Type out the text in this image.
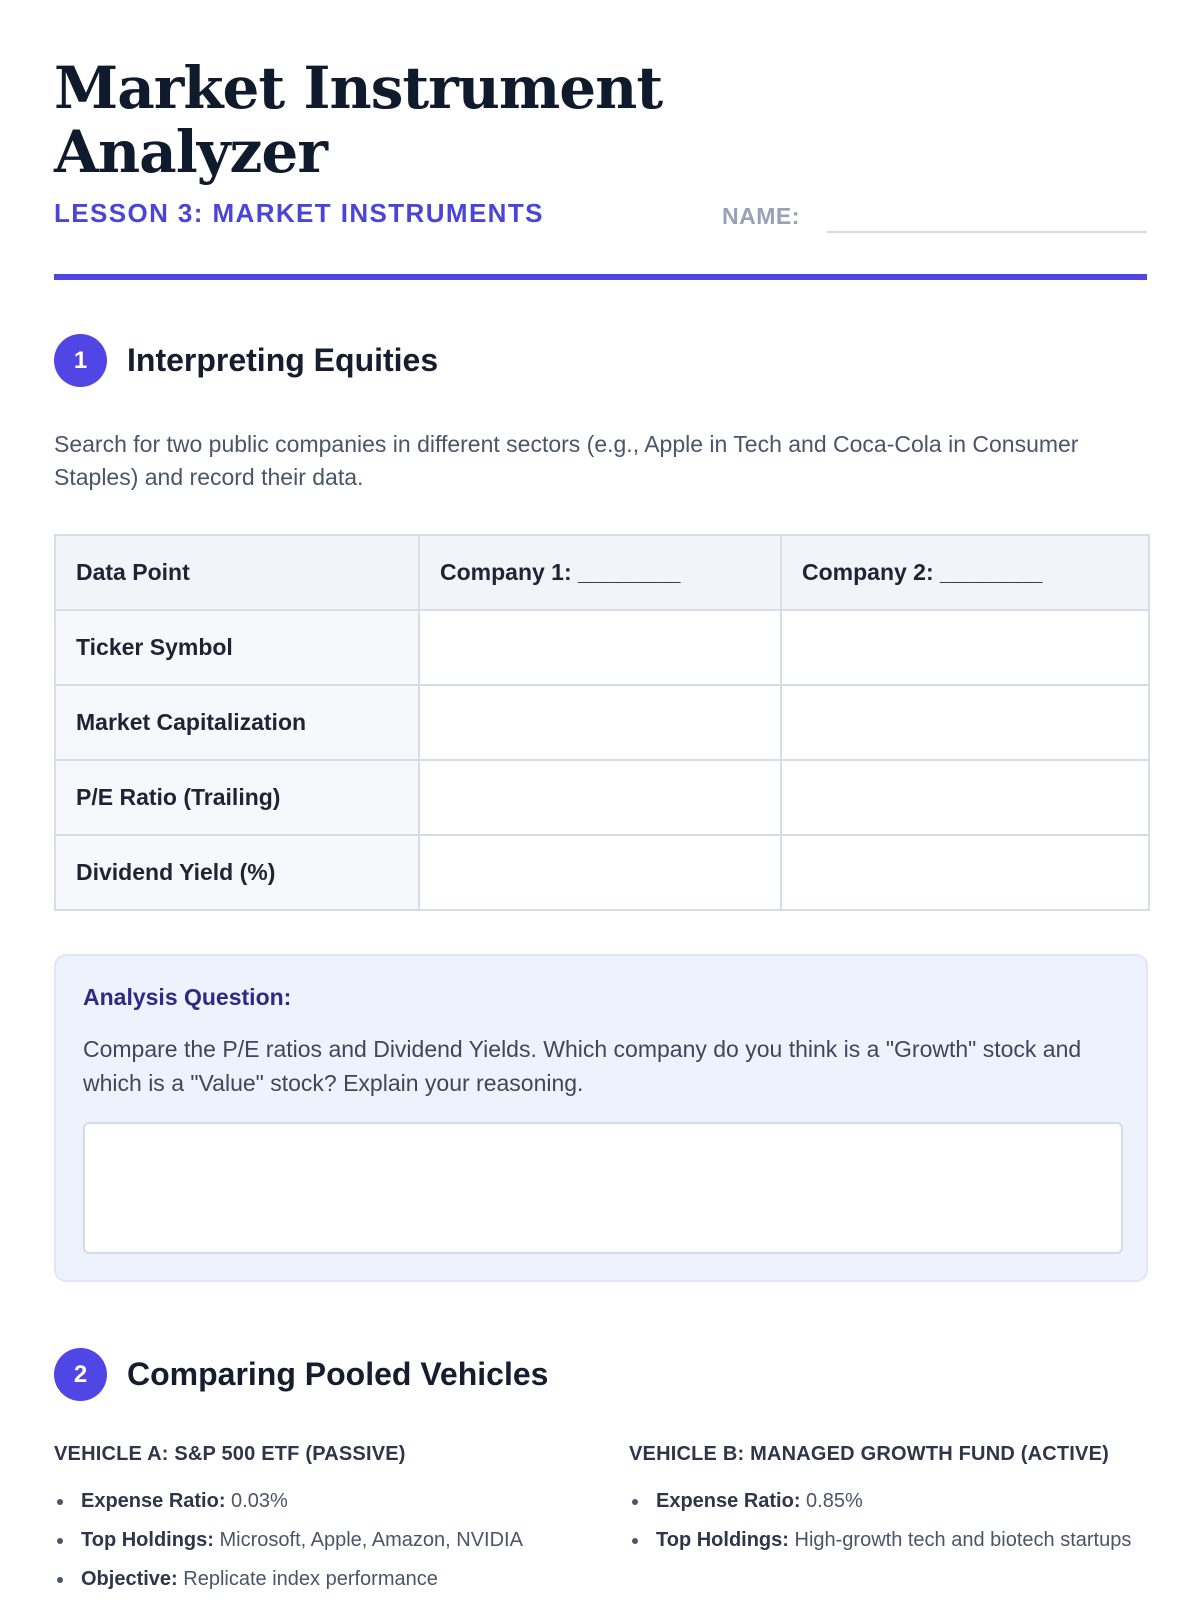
Market Instrument Analyzer
LESSON 3: MARKET INSTRUMENTS	NAME:
1	Interpreting Equities

Search for two public companies in different sectors (e.g., Apple in Tech and Coca-Cola in Consumer Staples) and record their data.

Data Point	Company 1: ________	Company 2: ________
Ticker Symbol		
Market Capitalization		
P/E Ratio (Trailing)		
Dividend Yield (%)		
Analysis Question:

Compare the P/E ratios and Dividend Yields. Which company do you think is a "Growth" stock and which is a "Value" stock? Explain your reasoning.

2	Comparing Pooled Vehicles
VEHICLE A: S&P 500 ETF (PASSIVE)
Expense Ratio: 0.03%
Top Holdings: Microsoft, Apple, Amazon, NVIDIA
Objective: Replicate index performance
VEHICLE B: MANAGED GROWTH FUND (ACTIVE)
Expense Ratio: 0.85%
Top Holdings: High-growth tech and biotech startups
